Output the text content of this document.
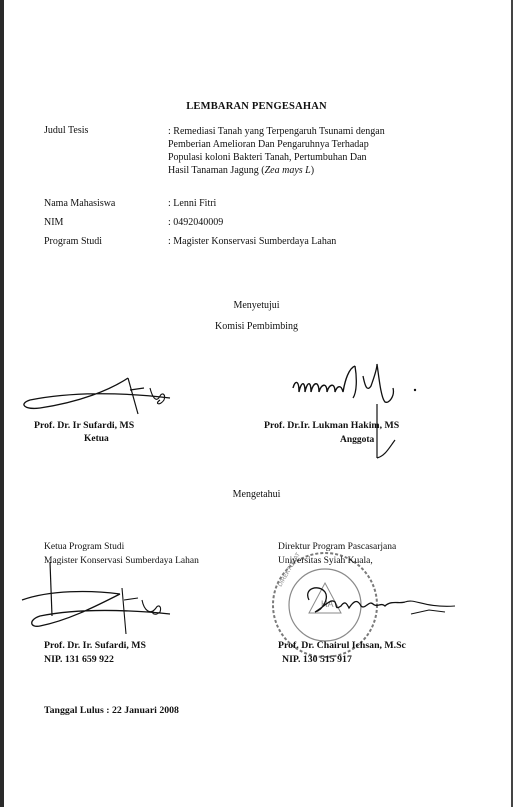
LEMBARAN PENGESAHAN
Judul Tesis	: Remediasi Tanah yang Terpengaruh Tsunami dengan
Pemberian Amelioran Dan Pengaruhnya Terhadap
Populasi koloni Bakteri Tanah, Pertumbuhan Dan
Hasil Tanaman Jagung (Zea mays L)
Nama Mahasiswa	: Lenni Fitri
NIM	: 0492040009
Program Studi	: Magister Konservasi Sumberdaya Lahan
Menyetujui
Komisi Pembimbing
Prof. Dr. Ir Sufardi, MS
Ketua
Prof. Dr.Ir. Lukman Hakim, MS
Anggota
Mengetahui
HA
DIREKTORAT
Ketua Program Studi
Magister Konservasi Sumberdaya Lahan
Direktur Program Pascasarjana
Universitas Syiah Kuala,
Prof. Dr. Ir. Sufardi, MS
NIP. 131 659 922
Prof. Dr. Chairul Ichsan, M.Sc
NIP. 130 515 917
Tanggal Lulus : 22 Januari 2008
